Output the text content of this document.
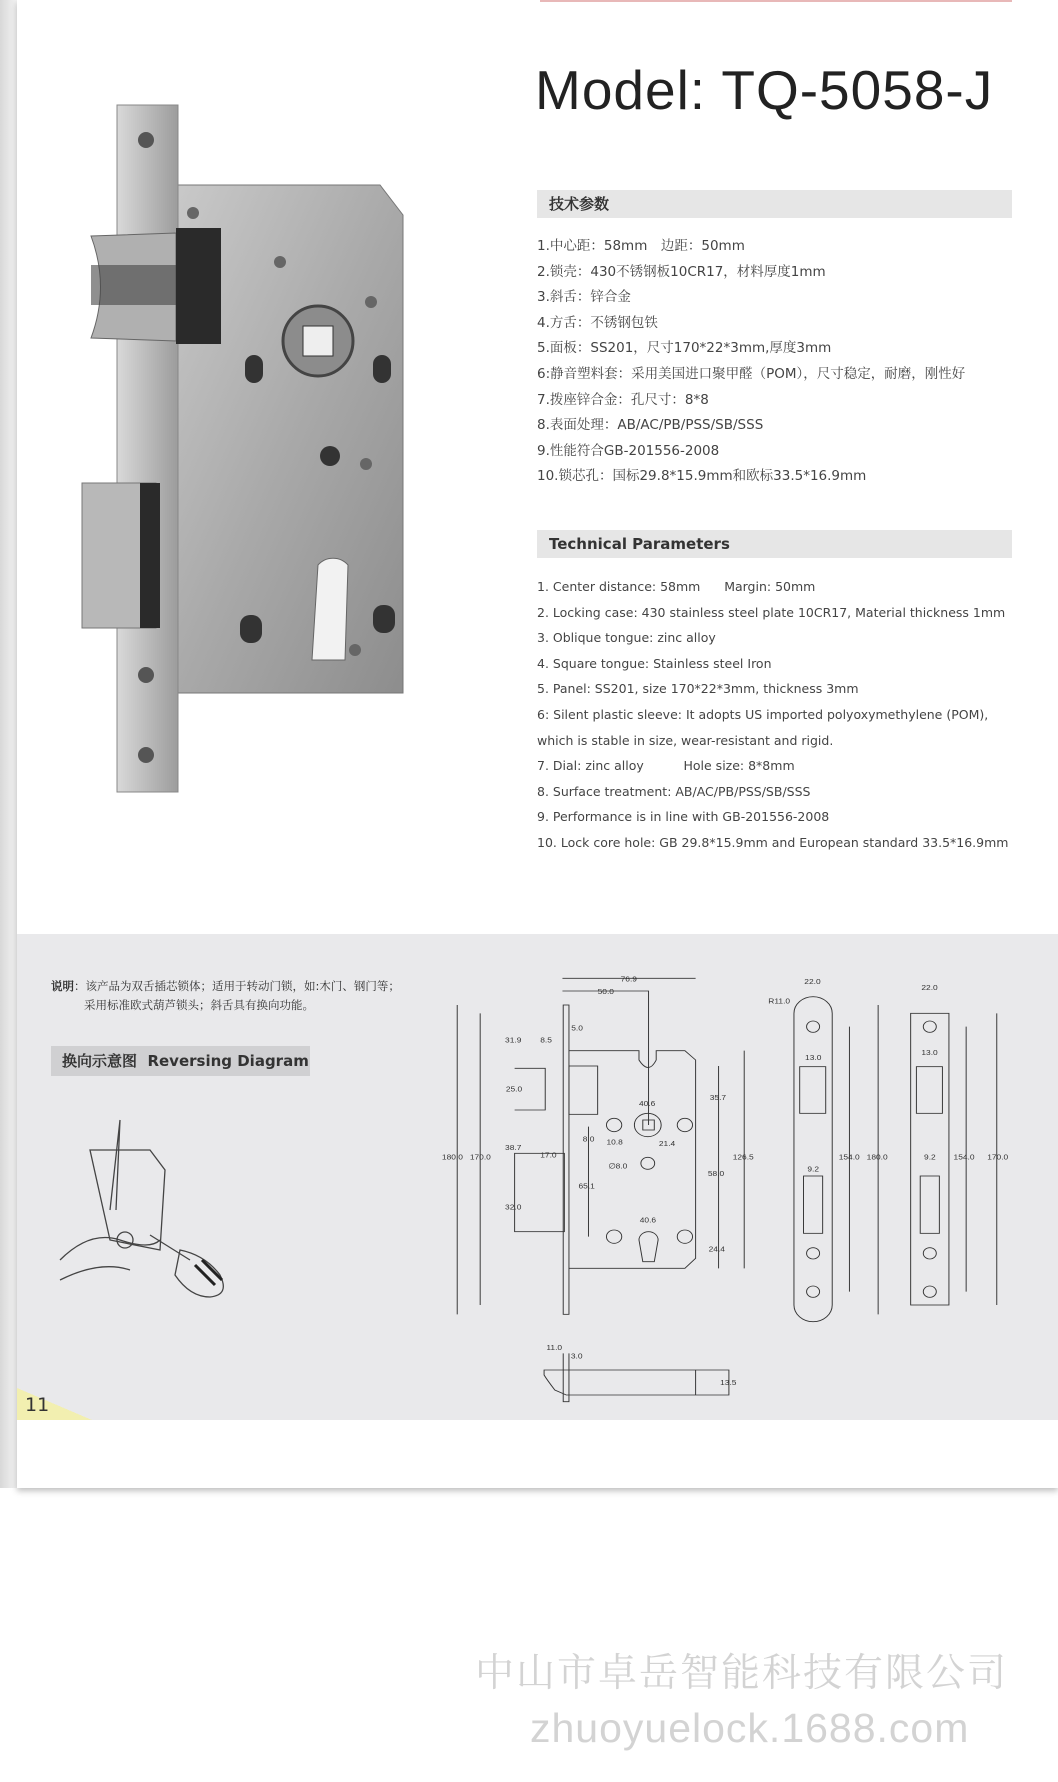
Model: TQ-5058-J
技术参数
1.中心距：58mm　边距：50mm
2.锁壳：430不锈钢板10CR17，材料厚度1mm
3.斜舌：锌合金
4.方舌：不锈钢包铁
5.面板：SS201，尺寸170*22*3mm,厚度3mm
6:静音塑料套：采用美国进口聚甲醛（POM），尺寸稳定，耐磨，刚性好
7.拨座锌合金：孔尺寸：8*8
8.表面处理：AB/AC/PB/PSS/SB/SSS
9.性能符合GB-201556-2008
10.锁芯孔：国标29.8*15.9mm和欧标33.5*16.9mm
Technical Parameters
1. Center distance: 58mm      Margin: 50mm
2. Locking case: 430 stainless steel plate 10CR17, Material thickness 1mm
3. Oblique tongue: zinc alloy
4. Square tongue: Stainless steel Iron
5. Panel: SS201, size 170*22*3mm, thickness 3mm
6: Silent plastic sleeve: It adopts US imported polyoxymethylene (POM),
which is stable in size, wear-resistant and rigid.
7. Dial: zinc alloy          Hole size: 8*8mm
8. Surface treatment: AB/AC/PB/PSS/SB/SSS
9. Performance is in line with GB-201556-2008
10. Lock core hole: GB 29.8*15.9mm and European standard 33.5*16.9mm
说明：该产品为双舌插芯锁体；适用于转动门锁，如:木门、钢门等；
采用标准欧式葫芦锁头；斜舌具有换向功能。
换向示意图  Reversing Diagram
76.9
50.0
5.0
8.5
31.9
25.0
38.7
17.0
32.0
180.0 170.0
40.6
8.0 10.8 21.4
∅8.0
65.1
35.7
58.0
126.5
40.6
24.4
22.0
R11.0
13.0
9.2
154.0 180.0
22.0
13.0
9.2 154.0 170.0
11.0
3.0
13.5
11
中山市卓岳智能科技有限公司
zhuoyuelock.1688.com
